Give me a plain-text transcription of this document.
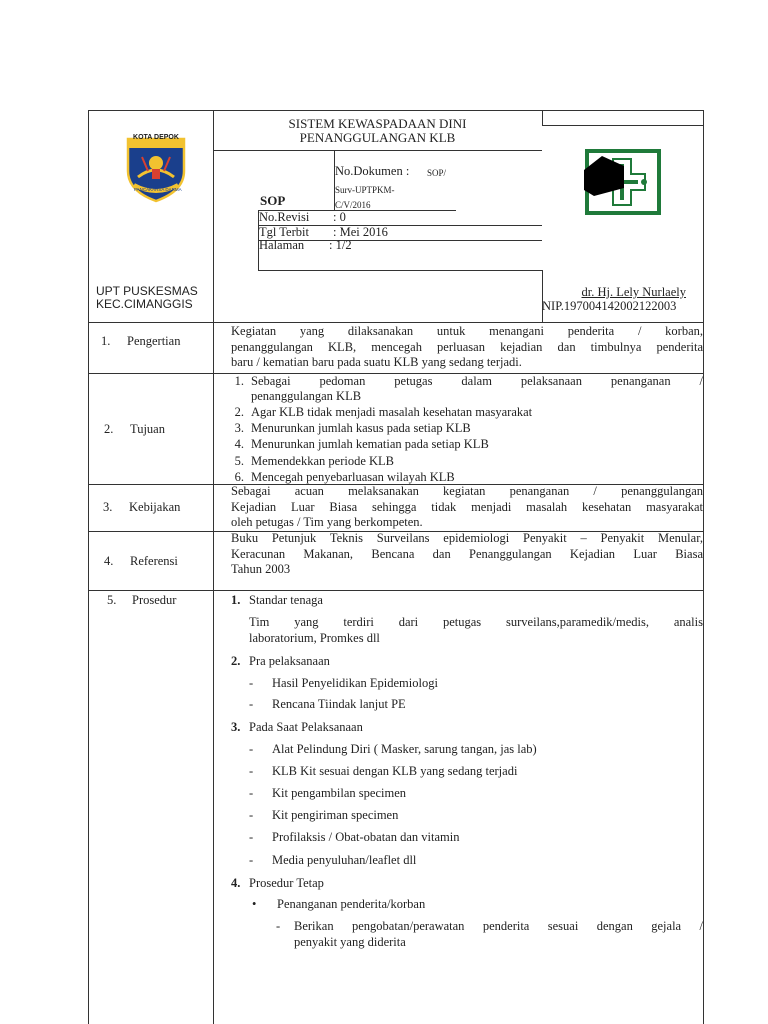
KOTA DEPOK
PANCAKARSA DARMA
SISTEM KEWASPADAAN DINI
PENANGGULANGAN KLB
SOP
No.Dokumen : SOP/
Surv-UPTPKM-
C/V/2016
No.Revisi : 0
Tgl Terbit : Mei 2016
Halaman : 1/2
UPT PUSKESMAS
KEC.CIMANGGIS
dr. Hj. Lely Nurlaely
NIP.197004142002122003
1. Pengertian
Kegiatan yang dilaksanakan untuk menangani penderita / korban,
penanggulangan KLB, mencegah perluasan kejadian dan timbulnya penderita
baru / kematian baru pada suatu KLB yang sedang terjadi.
2. Tujuan
1. Sebagai pedoman petugas dalam pelaksanaan penanganan /
penanggulangan KLB
2. Agar KLB tidak menjadi masalah kesehatan masyarakat
3. Menurunkan jumlah kasus pada setiap KLB
4. Menurunkan jumlah kematian pada setiap KLB
5. Memendekkan periode KLB
6. Mencegah penyebarluasan wilayah KLB
3. Kebijakan
Sebagai acuan melaksanakan kegiatan penanganan / penanggulangan
Kejadian Luar Biasa sehingga tidak menjadi masalah kesehatan masyarakat
oleh petugas / Tim yang berkompeten.
4. Referensi
Buku Petunjuk Teknis Surveilans epidemiologi Penyakit – Penyakit Menular,
Keracunan Makanan, Bencana dan Penanggulangan Kejadian Luar Biasa
Tahun 2003
5. Prosedur	1. Standar tenaga
Tim yang terdiri dari petugas surveilans,paramedik/medis, analis
laboratorium, Promkes dll
2. Pra pelaksanaan
- Hasil Penyelidikan Epidemiologi
- Rencana Tiindak lanjut PE
3. Pada Saat Pelaksanaan
- Alat Pelindung Diri ( Masker, sarung tangan, jas lab)
- KLB Kit sesuai dengan KLB yang sedang terjadi
- Kit pengambilan specimen
- Kit pengiriman specimen
- Profilaksis / Obat-obatan dan vitamin
- Media penyuluhan/leaflet dll
4. Prosedur Tetap
• Penanganan penderita/korban
- Berikan pengobatan/perawatan penderita sesuai dengan gejala /
penyakit yang diderita
